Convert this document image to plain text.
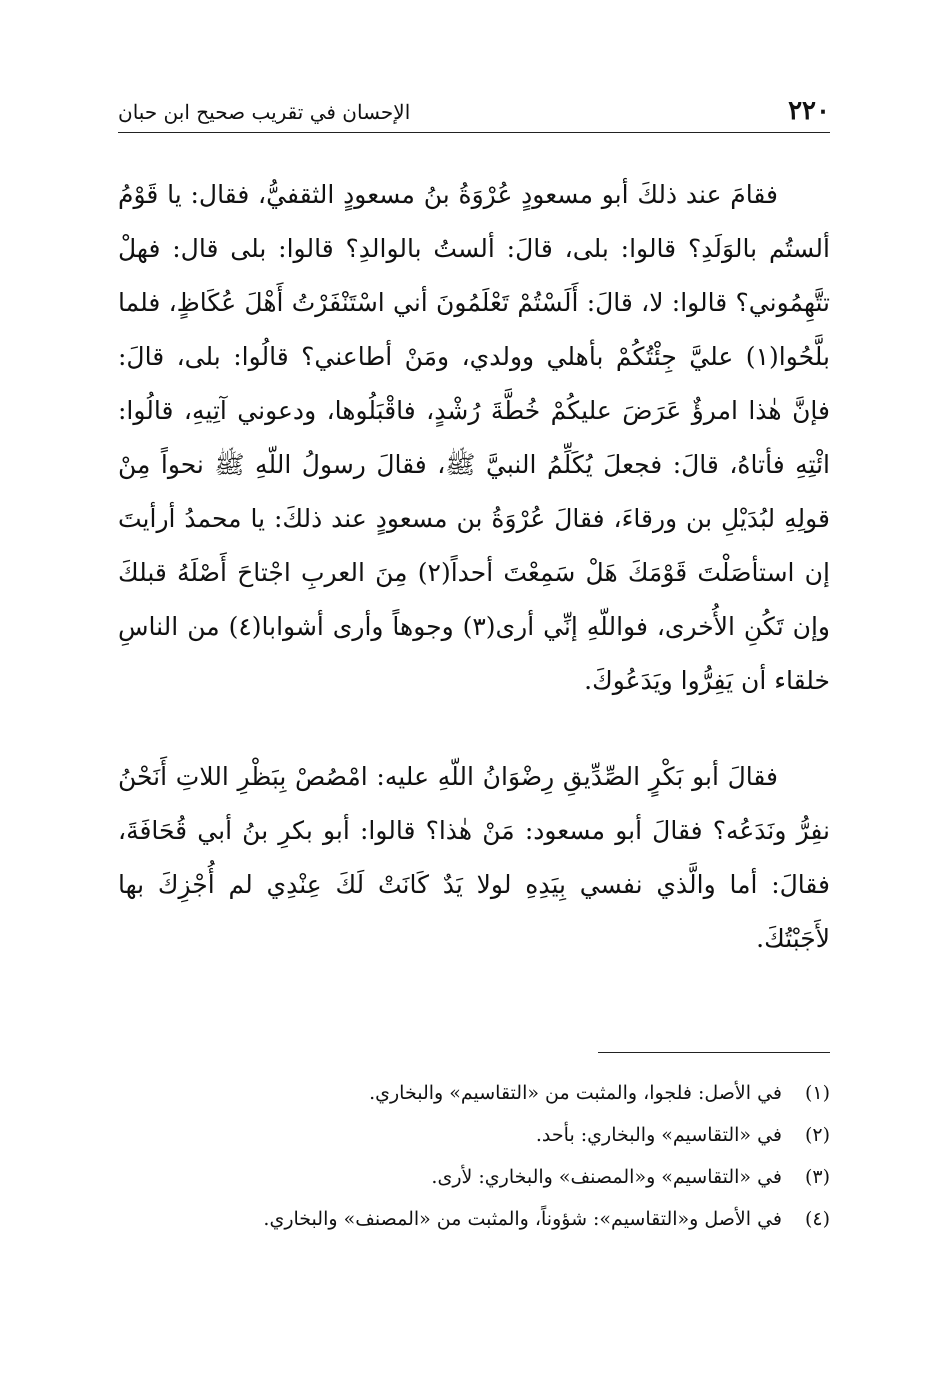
٢٢٠
الإحسان في تقريب صحيح ابن حبان

فقامَ عند ذلكَ أبو مسعودٍ عُرْوَةُ بنُ مسعودٍ الثقفيُّ، فقال: يا قَوْمُ ألستُم بالوَلَدِ؟ قالوا: بلى، قالَ: ألستُ بالوالدِ؟ قالوا: بلى قال: فهلْ تتَّهِمُوني؟ قالوا: لا، قالَ: أَلَسْتُمْ تَعْلَمُونَ أني اسْتَنْفَرْتُ أَهْلَ عُكَاظٍ، فلما بلَّحُوا(١) عليَّ جِئْتُكُمْ بأهلي وولدي، ومَنْ أطاعني؟ قالُوا: بلى، قالَ: فإنَّ هٰذا امرؤٌ عَرَضَ عليكُمْ خُطَّةَ رُشْدٍ، فاقْبَلُوها، ودعوني آتِيهِ، قالُوا: ائْتِهِ فأتاهُ، قالَ: فجعلَ يُكَلِّمُ النبيَّ ﷺ، فقالَ رسولُ اللّهِ ﷺ نحواً مِنْ قولِهِ لبُدَيْلِ بن ورقاءَ، فقالَ عُرْوَةُ بن مسعودٍ عند ذلكَ: يا محمدُ أرأيتَ إن استأصَلْتَ قَوْمَكَ هَلْ سَمِعْتَ أحداً(٢) مِنَ العربِ اجْتاحَ أَصْلَهُ قبلكَ وإن تَكُنِ الأُخرى، فواللّهِ إنِّي أرى(٣) وجوهاً وأرى أشوابا(٤) من الناسِ خلقاء أن يَفِرُّوا ويَدَعُوكَ.

فقالَ أبو بَكْرٍ الصِّدِّيقِ رِضْوَانُ اللّهِ عليه: امْصُصْ بِبَظْرِ اللاتِ أَنَحْنُ نفِرُّ ونَدَعُه؟ فقالَ أبو مسعود: مَنْ هٰذا؟ قالوا: أبو بكرِ بنُ أبي قُحَافَةَ، فقالَ: أما والَّذي نفسي بِيَدِهِ لولا يَدٌ كَانَتْ لَكَ عِنْدِي لم أُجْزِكَ بها لأَجَبْتُكَ.

(١)في الأصل: فلجوا، والمثبت من «التقاسيم» والبخاري.
(٢)في «التقاسيم» والبخاري: بأحد.
(٣)في «التقاسيم» و«المصنف» والبخاري: لأرى.
(٤)في الأصل و«التقاسيم»: شؤوناً، والمثبت من «المصنف» والبخاري.
